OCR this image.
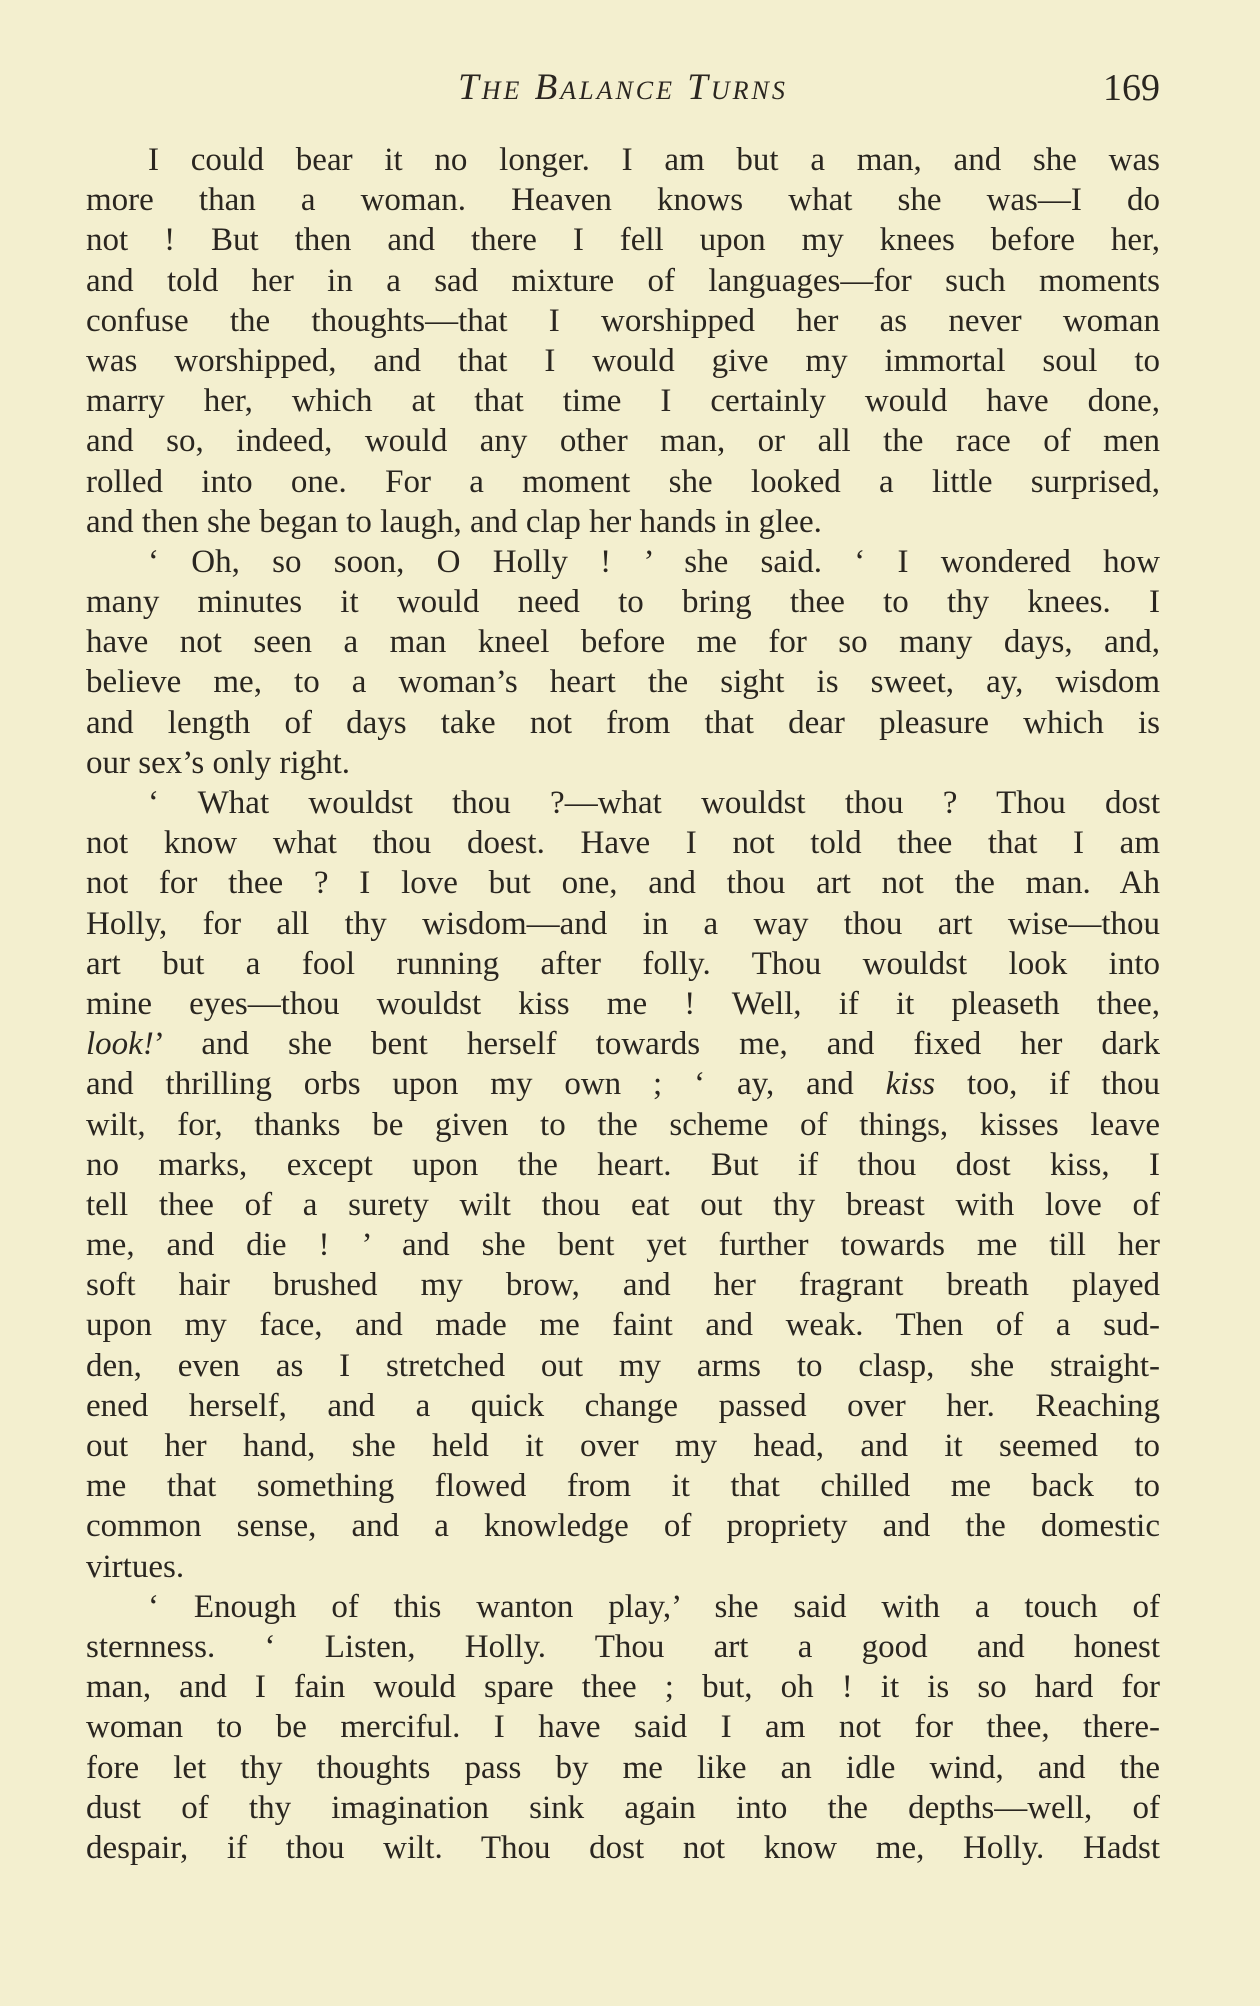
The Balance Turns	169
I could bear it no longer. I am but a man, and she was
more than a woman. Heaven knows what she was—I do
not ! But then and there I fell upon my knees before her,
and told her in a sad mixture of languages—for such moments
confuse the thoughts—that I worshipped her as never woman
was worshipped, and that I would give my immortal soul to
marry her, which at that time I certainly would have done,
and so, indeed, would any other man, or all the race of men
rolled into one. For a moment she looked a little surprised,
and then she began to laugh, and clap her hands in glee.
‘ Oh, so soon, O Holly ! ’ she said. ‘ I wondered how
many minutes it would need to bring thee to thy knees. I
have not seen a man kneel before me for so many days, and,
believe me, to a woman’s heart the sight is sweet, ay, wisdom
and length of days take not from that dear pleasure which is
our sex’s only right.
‘ What wouldst thou ?—what wouldst thou ? Thou dost
not know what thou doest. Have I not told thee that I am
not for thee ? I love but one, and thou art not the man. Ah
Holly, for all thy wisdom—and in a way thou art wise—thou
art but a fool running after folly. Thou wouldst look into
mine eyes—thou wouldst kiss me ! Well, if it pleaseth thee,
look!’ and she bent herself towards me, and fixed her dark
and thrilling orbs upon my own ; ‘ ay, and kiss too, if thou
wilt, for, thanks be given to the scheme of things, kisses leave
no marks, except upon the heart. But if thou dost kiss, I
tell thee of a surety wilt thou eat out thy breast with love of
me, and die ! ’ and she bent yet further towards me till her
soft hair brushed my brow, and her fragrant breath played
upon my face, and made me faint and weak. Then of a sud-
den, even as I stretched out my arms to clasp, she straight-
ened herself, and a quick change passed over her. Reaching
out her hand, she held it over my head, and it seemed to
me that something flowed from it that chilled me back to
common sense, and a knowledge of propriety and the domestic
virtues.
‘ Enough of this wanton play,’ she said with a touch of
sternness. ‘ Listen, Holly. Thou art a good and honest
man, and I fain would spare thee ; but, oh ! it is so hard for
woman to be merciful. I have said I am not for thee, there-
fore let thy thoughts pass by me like an idle wind, and the
dust of thy imagination sink again into the depths—well, of
despair, if thou wilt. Thou dost not know me, Holly. Hadst
